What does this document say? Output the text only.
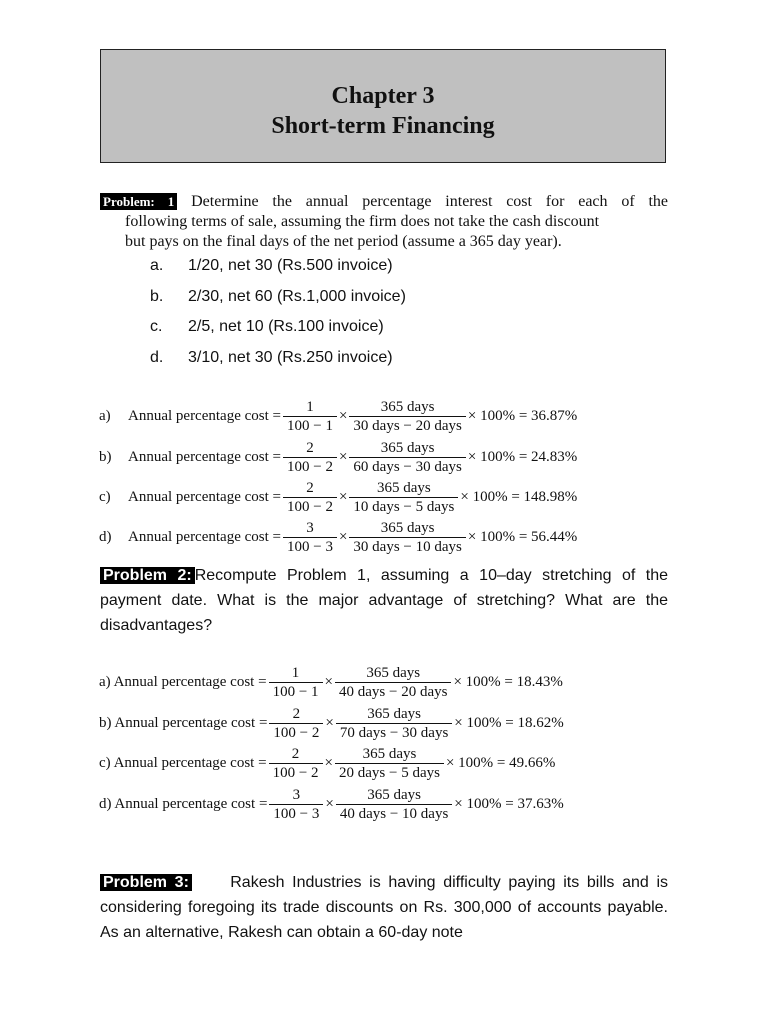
Chapter 3
Short-term Financing
Problem: 1 Determine the annual percentage interest cost for each of the
following terms of sale, assuming the firm does not take the cash discount
but pays on the final days of the net period (assume a 365 day year).
a. 1/20, net 30 (Rs.500 invoice)
b. 2/30, net 60 (Rs.1,000 invoice)
c. 2/5, net 10 (Rs.100 invoice)
d. 3/10, net 30 (Rs.250 invoice)
a)	Annual percentage $\cos t = \frac{1}{100 - 1} \times \frac{\text{365 days}}{\text{30 days − 20 days}} \times 100\% = 36.87\%$
b)	Annual percentage $\cos t = \frac{2}{100 - 2} \times \frac{\text{365 days}}{\text{60 days − 30 days}} \times 100\% = 24.83\%$
c)	Annual percentage $\cos t = \frac{2}{100 - 2} \times \frac{\text{365 days}}{\text{10 days − 5 days}} \times 100\% = 148.98\%$
d)	Annual percentage $\cos t = \frac{3}{100 - 3} \times \frac{\text{365 days}}{\text{30 days − 10 days}} \times 100\% = 56.44\%$
Problem 2: Recompute Problem 1, assuming a 10–day stretching of the payment date. What is the major advantage of stretching? What are the disadvantages?
a) Annual percentage $\cos t = \frac{1}{100 - 1} \times \frac{\text{365 days}}{\text{40 days − 20 days}} \times 100\% = 18.43\%$
b) Annual percentage $\cos t = \frac{2}{100 - 2} \times \frac{\text{365 days}}{\text{70 days − 30 days}} \times 100\% = 18.62\%$
c) Annual percentage $\cos t = \frac{2}{100 - 2} \times \frac{\text{365 days}}{\text{20 days − 5 days}} \times 100\% = 49.66\%$
d) Annual percentage $\cos t = \frac{3}{100 - 3} \times \frac{\text{365 days}}{\text{40 days − 10 days}} \times 100\% = 37.63\%$
Problem 3:	Rakesh Industries is having difficulty paying its bills and is considering foregoing its trade discounts on Rs. 300,000 of accounts payable. As an alternative, Rakesh can obtain a 60-day note
